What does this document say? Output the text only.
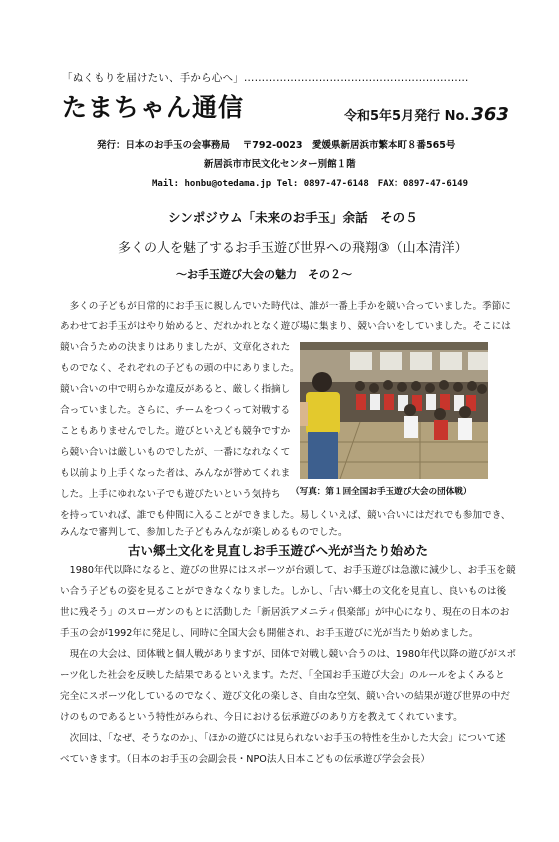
「ぬくもりを届けたい、手から心へ」………………………………………………………
たまちゃん通信	令和5年5月発行 No. 363
発行：日本のお手玉の会事務局　 〒792-0023　愛媛県新居浜市繁本町８番565号
新居浜市市民文化センター別館１階
Mail: honbu@otedama.jp Tel: 0897-47-6148　FAX：0897-47-6149
シンポジウム「未来のお手玉」余話　その５
多くの人を魅了するお手玉遊び世界への飛翔③（山本清洋）
～お手玉遊び大会の魅力　その２～
　多くの子どもが日常的にお手玉に親しんでいた時代は、誰が一番上手かを競い合っていました。季節に
あわせてお手玉がはやり始めると、だれかれとなく遊び場に集まり、競い合いをしていました。そこには
競い合うための決まりはありましたが、文章化された
ものでなく、それぞれの子どもの頭の中にありました。
競い合いの中で明らかな違反があると、厳しく指摘し
合っていました。さらに、チームをつくって対戦する
こともありませんでした。遊びといえども競争ですか
ら競い合いは厳しいものでしたが、一番になれなくて
も以前より上手くなった者は、みんなが誉めてくれま
した。上手にゆれない子でも遊びたいという気持ち
を持っていれば、誰でも仲間に入ることができました。易しくいえば、競い合いにはだれでも参加でき、
みんなで審判して、参加した子どもみんなが楽しめるものでした。
（写真：第１回全国お手玉遊び大会の団体戦）
古い郷土文化を見直しお手玉遊びへ光が当たり始めた
　1980年代以降になると、遊びの世界にはスポーツが台頭して、お手玉遊びは急激に減少し、お手玉を競
い合う子どもの姿を見ることができなくなりました。しかし、「古い郷土の文化を見直し、良いものは後
世に残そう」のスローガンのもとに活動した「新居浜アメニティ倶楽部」が中心になり、現在の日本のお
手玉の会が1992年に発足し、同時に全国大会も開催され、お手玉遊びに光が当たり始めました。
　現在の大会は、団体戦と個人戦がありますが、団体で対戦し競い合うのは、1980年代以降の遊びがスポ
ーツ化した社会を反映した結果であるといえます。ただ、「全国お手玉遊び大会」のルールをよくみると
完全にスポーツ化しているのでなく、遊び文化の楽しさ、自由な空気、競い合いの結果が遊び世界の中だ
けのものであるという特性がみられ、今日における伝承遊びのあり方を教えてくれています。
　次回は、「なぜ、そうなのか」、「ほかの遊びには見られないお手玉の特性を生かした大会」について述
べていきます。（日本のお手玉の会副会長・NPO法人日本こどもの伝承遊び学会会長）
